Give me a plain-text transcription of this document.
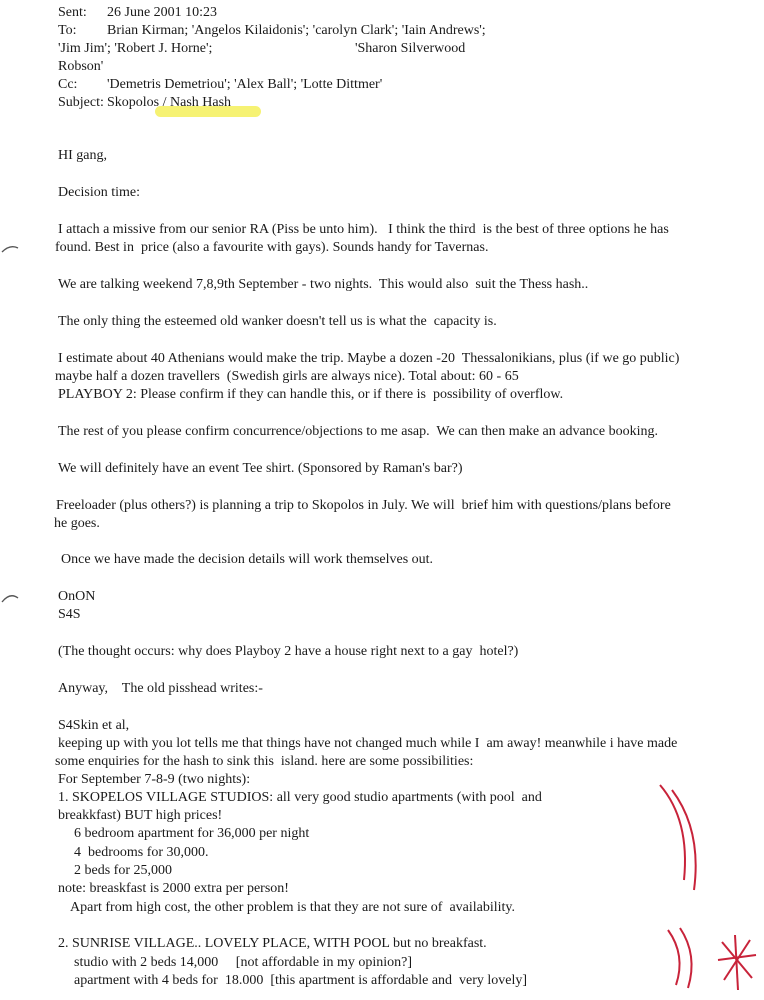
Sent: 26 June 2001 10:23
To: Brian Kirman; 'Angelos Kilaidonis'; 'carolyn Clark'; 'Iain Andrews';
'Jim Jim'; 'Robert J. Horne';	'Sharon Silverwood
Robson'
Cc: 'Demetris Demetriou'; 'Alex Ball'; 'Lotte Dittmer'
Subject: Skopolos / Nash Hash
HI gang,
Decision time:
I attach a missive from our senior RA (Piss be unto him).   I think the third  is the best of three options he has
found. Best in  price (also a favourite with gays). Sounds handy for Tavernas.
We are talking weekend 7,8,9th September - two nights.  This would also  suit the Thess hash..
The only thing the esteemed old wanker doesn't tell us is what the  capacity is.
I estimate about 40 Athenians would make the trip. Maybe a dozen -20  Thessalonikians, plus (if we go public)
maybe half a dozen travellers  (Swedish girls are always nice). Total about: 60 - 65
PLAYBOY 2: Please confirm if they can handle this, or if there is  possibility of overflow.
The rest of you please confirm concurrence/objections to me asap.  We can then make an advance booking.
We will definitely have an event Tee shirt. (Sponsored by Raman's bar?)
Freeloader (plus others?) is planning a trip to Skopolos in July. We will  brief him with questions/plans before
he goes.
Once we have made the decision details will work themselves out.
OnON
S4S
(The thought occurs: why does Playboy 2 have a house right next to a gay  hotel?)
Anyway,    The old pisshead writes:-
S4Skin et al,
keeping up with you lot tells me that things have not changed much while I  am away! meanwhile i have made
some enquiries for the hash to sink this  island. here are some possibilities:
For September 7-8-9 (two nights):
1. SKOPELOS VILLAGE STUDIOS: all very good studio apartments (with pool  and
breakkfast) BUT high prices!
6 bedroom apartment for 36,000 per night
4  bedrooms for 30,000.
2 beds for 25,000
note: breaskfast is 2000 extra per person!
Apart from high cost, the other problem is that they are not sure of  availability.
2. SUNRISE VILLAGE.. LOVELY PLACE, WITH POOL but no breakfast.
studio with 2 beds 14,000     [not affordable in my opinion?]
apartment with 4 beds for  18.000  [this apartment is affordable and  very lovely]
